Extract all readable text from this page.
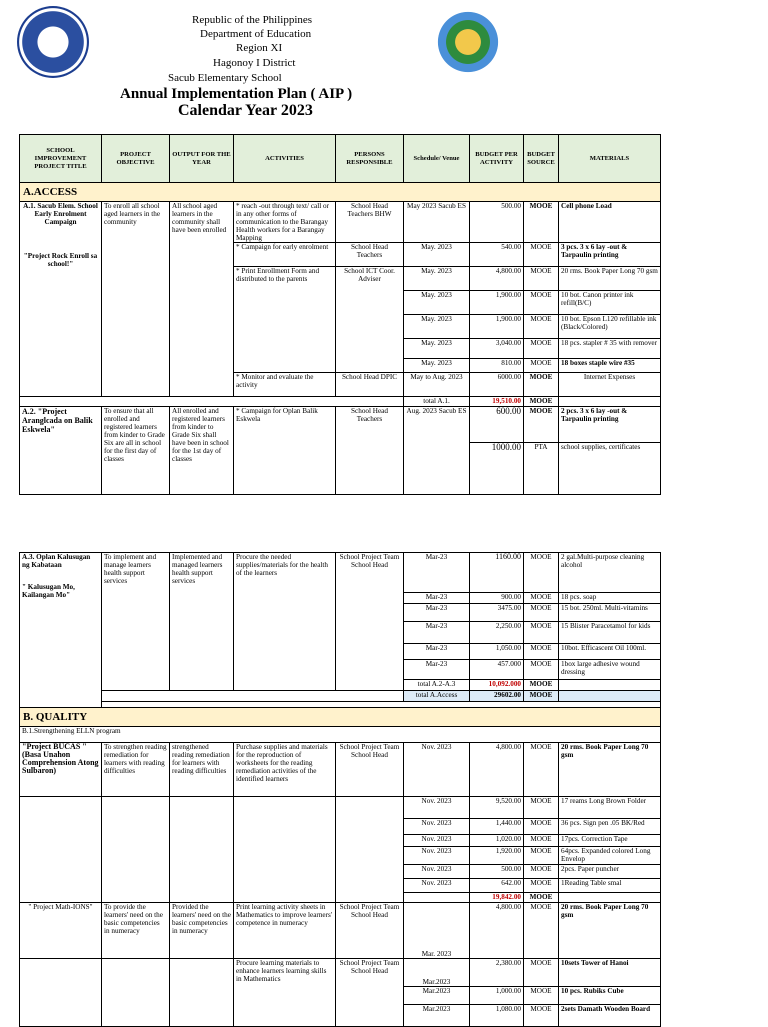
Republic of the Philippines
Department of Education
Region XI
Hagonoy I District
Sacub Elementary School
Annual Implementation Plan ( AIP )
Calendar Year 2023
SCHOOL IMPROVEMENT PROJECT TITLE	PROJECT OBJECTIVE	OUTPUT FOR THE YEAR	ACTIVITIES	PERSONS RESPONSIBLE	Schedule/ Venue	BUDGET PER ACTIVITY	BUDGET SOURCE	MATERIALS
A.ACCESS								

A.1. Sacub Elem. School Early Enrolment Campaign
"Project Rock Enroll sa school!"	To enroll all school aged learners in the community	All school aged learners in the community shall have been enrolled	* reach -out through text/ call or in any other forms of communication to the Barangay Health workers for a Barangay Mapping	School Head Teachers BHW	May 2023 Sacub ES	500.00	MOOE	Cell phone Load
			* Campaign for early enrolment	School Head Teachers	May. 2023	540.00	MOOE	3 pcs. 3 x 6 lay -out & Tarpaulin printing
			* Print Enrollment Form and distributed to the parents	School ICT Coor. Adviser	May. 2023	4,800.00	MOOE	20 rms. Book Paper Long 70 gsm
					May. 2023	1,900.00	MOOE	10 bot. Canon printer ink refill(B/C)
					May. 2023	1,900.00	MOOE	10 bot. Epson L120 refillable ink (Black/Colored)
					May. 2023	3,040.00	MOOE	18 pcs. stapler # 35 with remover
					May. 2023	810.00	MOOE	18 boxes staple wire #35
			* Monitor and evaluate the activity	School Head DPIC	May to Aug. 2023	6000.00	MOOE	Internet Expenses
					total A.1.	19,510.00	MOOE	
A.2. "Project Aranglcada on Balik Eskwela"	To ensure that all enrolled and registered learners from kinder to Grade Six are all in school for the first day of classes	All enrolled and registered learners from kinder to Grade Six shall have been in school for the 1st day of classes	* Campaign for Oplan Balik Eskwela	School Head Teachers	Aug. 2023 Sacub ES	600.00	MOOE	2 pcs. 3 x 6 lay -out & Tarpaulin printing
						1000.00	PTA	school supplies, certificates
A.3. Oplan Kalusugan ng Kabataan
" Kalusugan Mo, Kailangan Mo"	To implement and manage learners health support services	Implemented and managed learners health support services	Procure the needed supplies/materials for the health of the learners	School Project Team School Head	Mar-23	1160.00	MOOE	2 gal.Multi-purpose cleaning alcohol
					Mar-23	900.00	MOOE	18 pcs. soap
					Mar-23	3475.00	MOOE	15 bot. 250ml. Multi-vitamins
					Mar-23	2,250.00	MOOE	15 Blister Paracetamol for kids
					Mar-23	1,050.00	MOOE	10bot. Efficascent Oil 100ml.
					Mar-23	457.000	MOOE	1box large adhesive wound dressing
					total A.2-A.3	10,092.000	MOOE	
					total A.Access	29602.00	MOOE	

B. QUALITY								
B.1.Strengthening ELLN program								
"Project BUCAS " (Basa Unahon Comprehension Atong Sulbaron)	To strengthen reading remediation for learners with reading difficulties	strengthened reading remediation for learners with reading difficulties	Purchase supplies and materials for the reproduction of worksheets for the reading remediation activities of the identified learners	School Project Team School Head	Nov. 2023	4,800.00	MOOE	20 rms. Book Paper Long 70 gsm
					Nov. 2023	9,520.00	MOOE	17 reams Long Brown Folder
					Nov. 2023	1,440.00	MOOE	36 pcs. Sign pen .05 BK/Red
					Nov. 2023	1,020.00	MOOE	17pcs. Correction Tape
					Nov. 2023	1,920.00	MOOE	64pcs. Expanded colored Long Envelop
					Nov. 2023	500.00	MOOE	2pcs. Paper puncher
					Nov. 2023	642.00	MOOE	1Reading Table smal
						19,842.00	MOOE	
" Project Math-IONS"	To provide the learners' need on the basic competencies in numeracy	Provided the learners' need on the basic competencies in numeracy	Print learning activity sheets in Mathematics to improve learners' competence in numeracy	School Project Team School Head	Mar. 2023	4,800.00	MOOE	20 rms. Book Paper Long 70 gsm
			Procure learning materials to enhance learners learning skills in Mathematics	School Project Team School Head	Mar.2023	2,380.00	MOOE	10sets Tower of Hanoi
					Mar.2023	1,000.00	MOOE	10 pcs. Rubiks Cube
					Mar.2023	1,080.00	MOOE	2sets Damath Wooden Board
